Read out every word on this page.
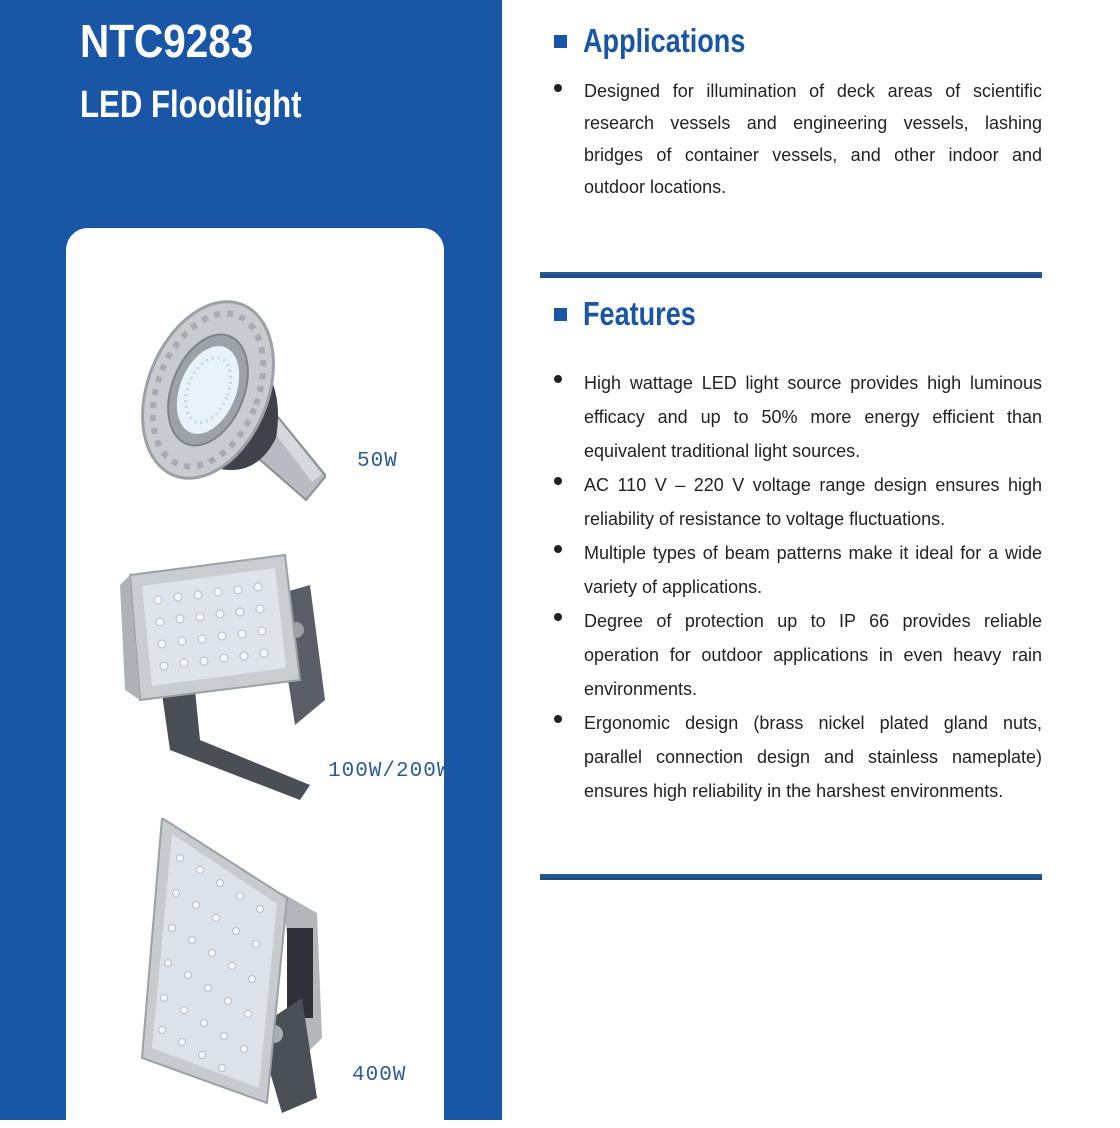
NTC9283
LED Floodlight
50W
100W/200W
400W
Applications
Designed for illumination of deck areas of scientific research vessels and engineering vessels, lashing bridges of container vessels, and other indoor and outdoor locations.
Features
High wattage LED light source provides high luminous efficacy and up to 50% more energy efficient than equivalent traditional light sources.
AC 110 V – 220 V voltage range design ensures high reliability of resistance to voltage fluctuations.
Multiple types of beam patterns make it ideal for a wide variety of applications.
Degree of protection up to IP 66 provides reliable operation for outdoor applications in even heavy rain environments.
Ergonomic design (brass nickel plated gland nuts, parallel connection design and stainless nameplate) ensures high reliability in the harshest environments.
